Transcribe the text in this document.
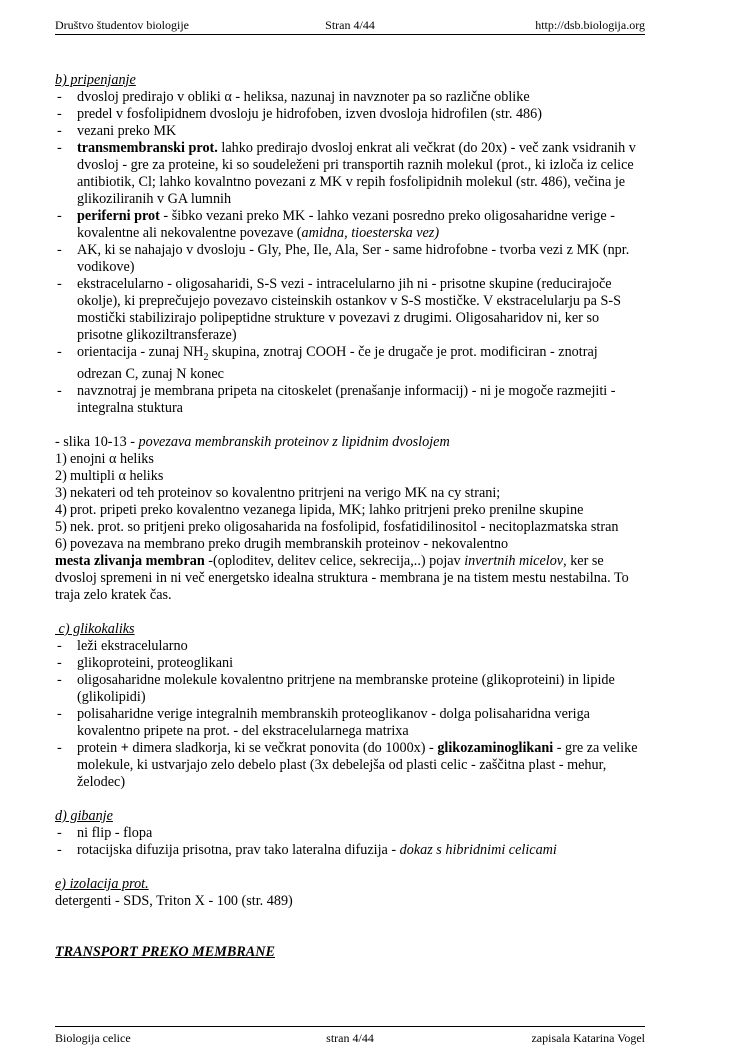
Društvo študentov biologije	Stran 4/44	http://dsb.biologija.org

b) pripenjanje

- dvosloj predirajo v obliki α - heliksa, nazunaj in navznoter pa so različne oblike
- predel v fosfolipidnem dvosloju je hidrofoben, izven dvosloja hidrofilen (str. 486)
- vezani preko MK
- transmembranski prot. lahko predirajo dvosloj enkrat ali večkrat (do 20x) - več zank vsidranih v dvosloj - gre za proteine, ki so soudeleženi pri transportih raznih molekul (prot., ki izloča iz celice antibiotik, Cl; lahko kovalntno povezani z MK v repih fosfolipidnih molekul (str. 486), večina je glikoziliranih v GA lumnih
- periferni prot - šibko vezani preko MK - lahko vezani posredno preko oligosaharidne verige - kovalentne ali nekovalentne povezave (amidna, tioesterska vez)
- AK, ki se nahajajo v dvosloju - Gly, Phe, Ile, Ala, Ser - same hidrofobne - tvorba vezi z MK (npr. vodikove)
- ekstracelularno - oligosaharidi, S-S vezi - intracelularno jih ni - prisotne skupine (reducirajoče okolje), ki preprečujejo povezavo cisteinskih ostankov v S-S mostičke. V ekstracelularju pa S-S mostički stabilizirajo polipeptidne strukture v povezavi z drugimi. Oligosaharidov ni, ker so prisotne glikoziltransferaze)
- orientacija - zunaj $NH_2$ skupina, znotraj COOH - če je drugače je prot. modificiran - znotraj odrezan C, zunaj N konec
- navznotraj je membrana pripeta na citoskelet (prenašanje informacij) - ni je mogoče razmejiti - integralna stuktura

- slika 10-13 - povezava membranskih proteinov z lipidnim dvoslojem

1) enojni α heliks
2) multipli α heliks
3) nekateri od teh proteinov so kovalentno pritrjeni na verigo MK na cy strani;
4) prot. pripeti preko kovalentno vezanega lipida, MK; lahko pritrjeni preko prenilne skupine
5) nek. prot. so pritjeni preko oligosaharida na fosfolipid, fosfatidilinositol - necitoplazmatska stran
6) povezava na membrano preko drugih membranskih proteinov - nekovalentno

mesta zlivanja membran -(oploditev, delitev celice, sekrecija,..) pojav invertnih micelov, ker se dvosloj spremeni in ni več energetsko idealna struktura - membrana je na tistem mestu nestabilna. To traja zelo kratek čas.

c) glikokaliks

- leži ekstracelularno
- glikoproteini, proteoglikani
- oligosaharidne molekule kovalentno pritrjene na membranske proteine (glikoproteini) in lipide (glikolipidi)
- polisaharidne verige integralnih membranskih proteoglikanov - dolga polisaharidna veriga kovalentno pripete na prot. - del ekstracelularnega matrixa
- protein + dimera sladkorja, ki se večkrat ponovita (do 1000x) - glikozaminoglikani - gre za velike molekule, ki ustvarjajo zelo debelo plast (3x debelejša od plasti celic - zaščitna plast - mehur, želodec)

d) gibanje

- ni flip - flopa
- rotacijska difuzija prisotna, prav tako lateralna difuzija - dokaz s hibridnimi celicami

e) izolacija prot.

detergenti - SDS, Triton X - 100 (str. 489)

TRANSPORT PREKO MEMBRANE

Biologija celice	stran 4/44	zapisala Katarina Vogel
